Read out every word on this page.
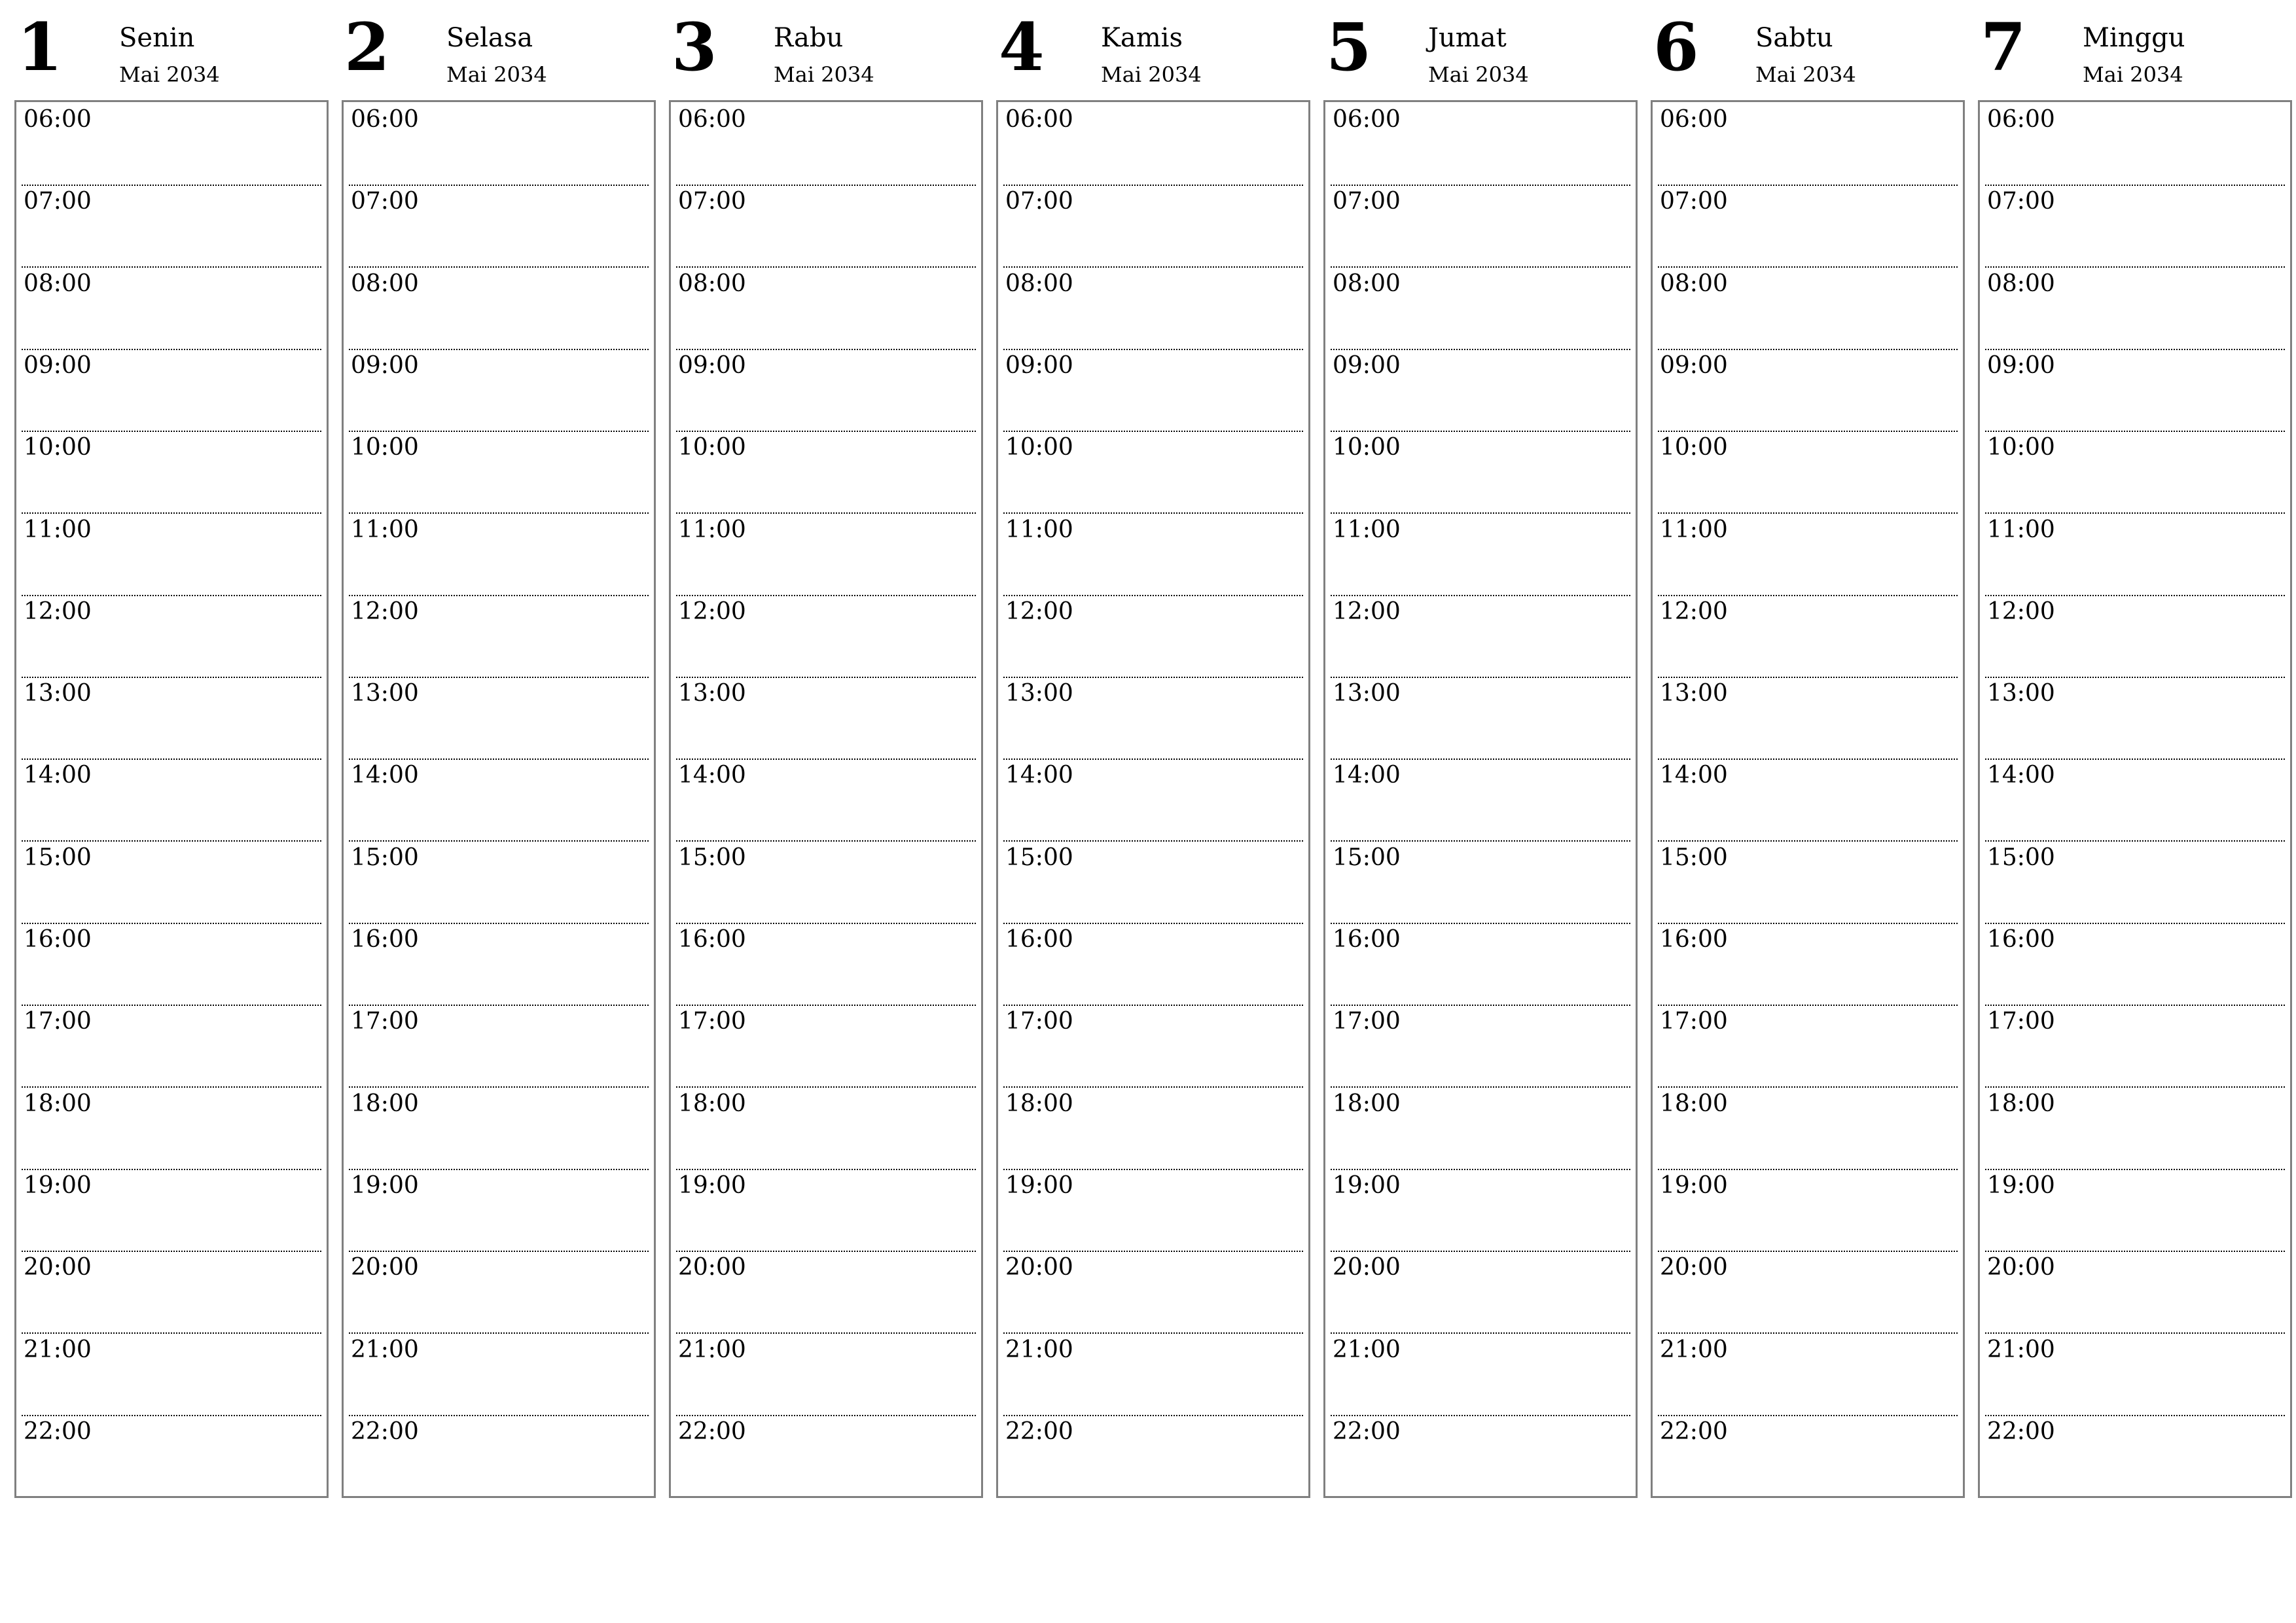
1 Senin
Mai 2034
06:00
07:00
08:00
09:00
10:00
11:00
12:00
13:00
14:00
15:00
16:00
17:00
18:00
19:00
20:00
21:00
22:00
2 Selasa
Mai 2034
06:00
07:00
08:00
09:00
10:00
11:00
12:00
13:00
14:00
15:00
16:00
17:00
18:00
19:00
20:00
21:00
22:00
3 Rabu
Mai 2034
06:00
07:00
08:00
09:00
10:00
11:00
12:00
13:00
14:00
15:00
16:00
17:00
18:00
19:00
20:00
21:00
22:00
4 Kamis
Mai 2034
06:00
07:00
08:00
09:00
10:00
11:00
12:00
13:00
14:00
15:00
16:00
17:00
18:00
19:00
20:00
21:00
22:00
5 Jumat
Mai 2034
06:00
07:00
08:00
09:00
10:00
11:00
12:00
13:00
14:00
15:00
16:00
17:00
18:00
19:00
20:00
21:00
22:00
6 Sabtu
Mai 2034
06:00
07:00
08:00
09:00
10:00
11:00
12:00
13:00
14:00
15:00
16:00
17:00
18:00
19:00
20:00
21:00
22:00
7 Minggu
Mai 2034
06:00
07:00
08:00
09:00
10:00
11:00
12:00
13:00
14:00
15:00
16:00
17:00
18:00
19:00
20:00
21:00
22:00
